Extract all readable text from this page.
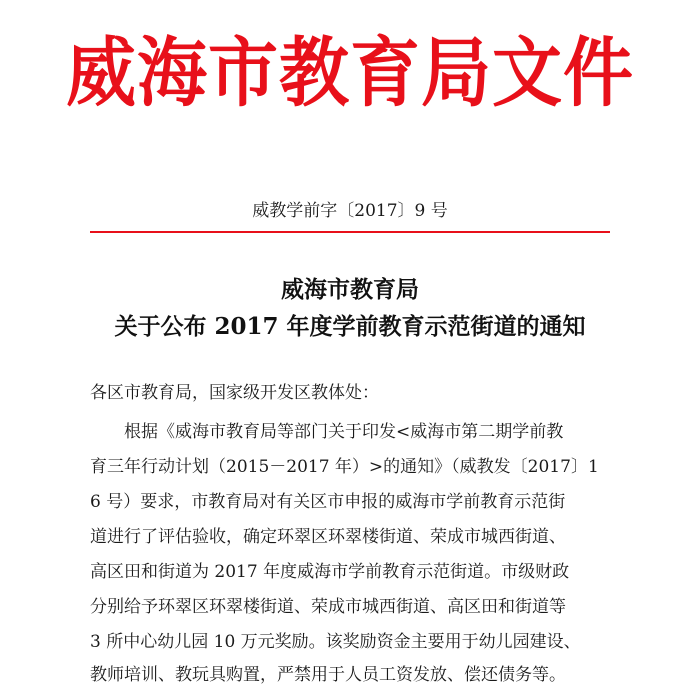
威海市教育局文件
威教学前字〔2017〕9 号
威海市教育局
关于公布 2017 年度学前教育示范街道的通知
各区市教育局，国家级开发区教体处：
根据《威海市教育局等部门关于印发<威海市第二期学前教
育三年行动计划（2015－2017 年）>的通知》（威教发〔2017〕1
6 号）要求，市教育局对有关区市申报的威海市学前教育示范街
道进行了评估验收，确定环翠区环翠楼街道、荣成市城西街道、
高区田和街道为 2017 年度威海市学前教育示范街道。市级财政
分别给予环翠区环翠楼街道、荣成市城西街道、高区田和街道等
3 所中心幼儿园 10 万元奖励。该奖励资金主要用于幼儿园建设、
教师培训、教玩具购置，严禁用于人员工资发放、偿还债务等。
